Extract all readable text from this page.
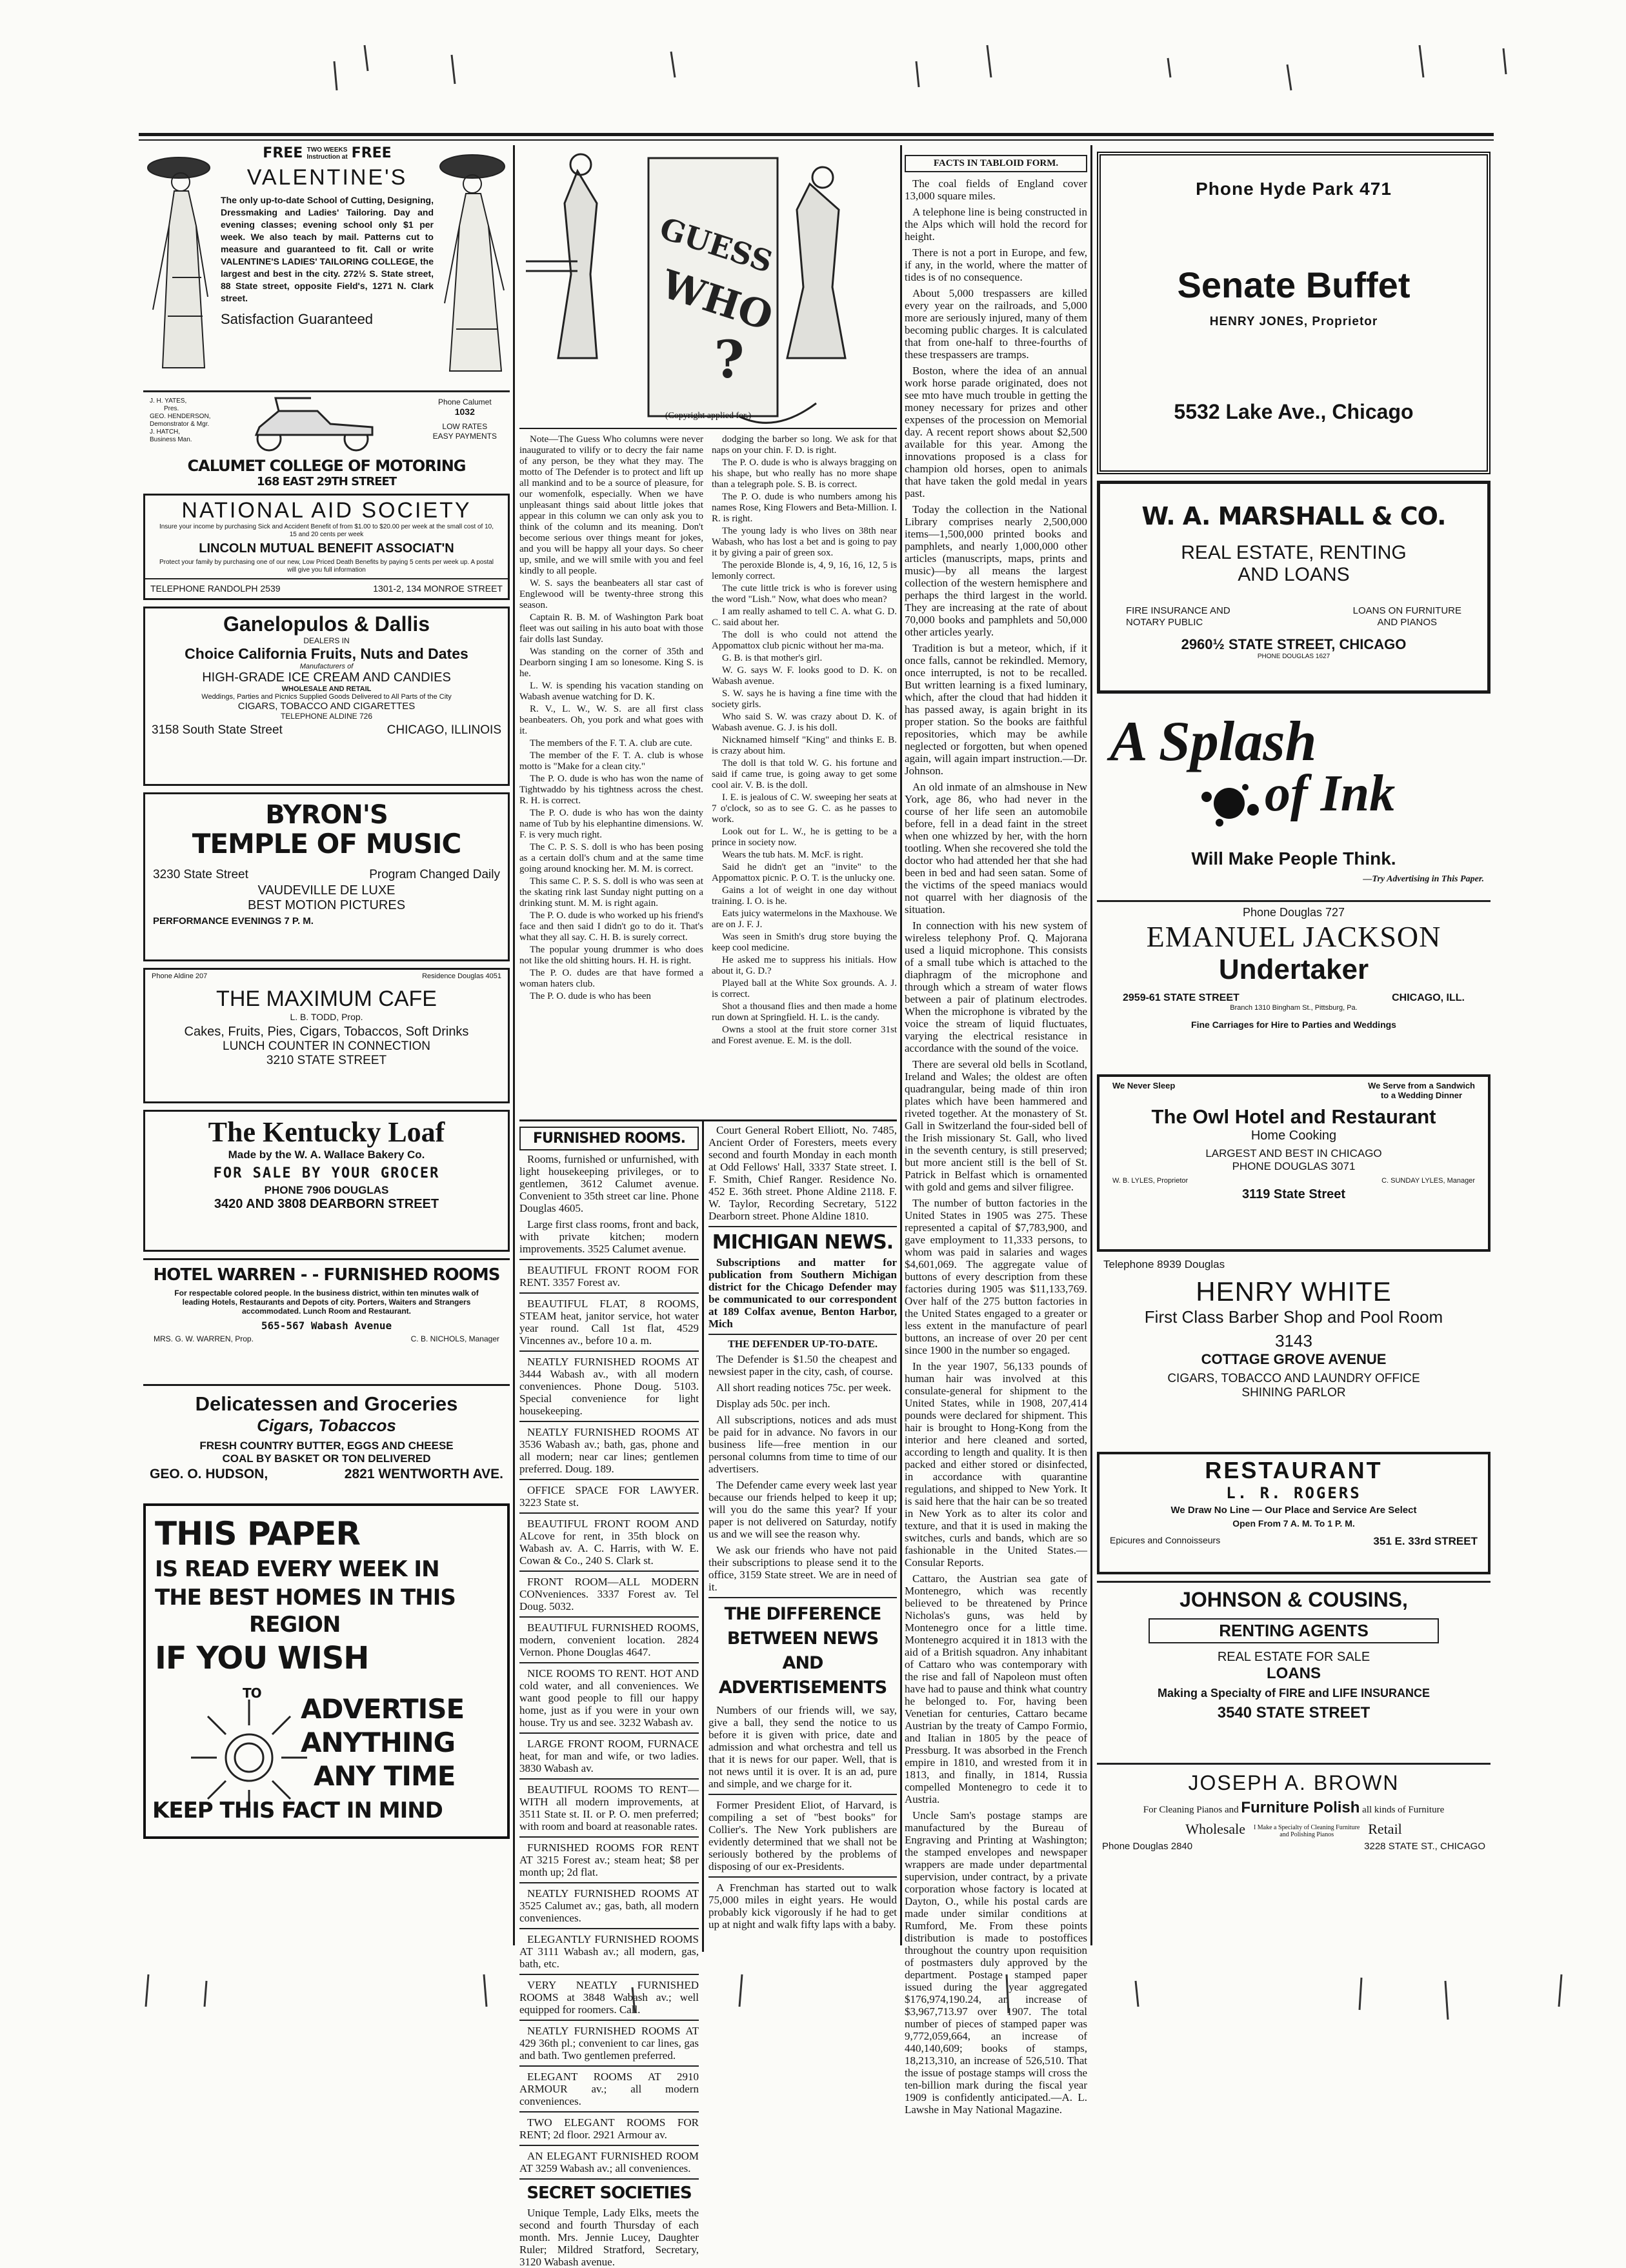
FREE TWO WEEKS
Instruction at FREE
VALENTINE'S
The only up-to-date School of Cutting, Designing, Dressmaking and Ladies' Tailoring. Day and evening classes; evening school only $1 per week. We also teach by mail. Patterns cut to measure and guaranteed to fit. Call or write VALENTINE'S LADIES' TAILORING COLLEGE, the largest and best in the city. 272½ S. State street, 88 State street, opposite Field's, 1271 N. Clark street.
Satisfaction Guaranteed
J. H. YATES,
Pres.
GEO. HENDERSON,
Demonstrator & Mgr.
J. HATCH,
Business Man.
Phone Calumet
1032
LOW RATES
EASY PAYMENTS
CALUMET COLLEGE OF MOTORING
168 EAST 29TH STREET
NATIONAL AID SOCIETY
Insure your income by purchasing Sick and Accident Benefit of from $1.00 to $20.00 per week at the small cost of 10, 15 and 20 cents per week
LINCOLN MUTUAL BENEFIT ASSOCIAT'N
Protect your family by purchasing one of our new, Low Priced Death Benefits by paying 5 cents per week up. A postal will give you full information
TELEPHONE RANDOLPH 2539	1301-2, 134 MONROE STREET
Ganelopulos & Dallis
DEALERS IN
Choice California Fruits, Nuts and Dates
Manufacturers of
HIGH-GRADE ICE CREAM AND CANDIES
WHOLESALE AND RETAIL
Weddings, Parties and Picnics Supplied Goods Delivered to All Parts of the City
CIGARS, TOBACCO AND CIGARETTES
TELEPHONE ALDINE 726
3158 South State Street	CHICAGO, ILLINOIS
BYRON'S
TEMPLE OF MUSIC
3230 State Street	Program Changed Daily
VAUDEVILLE DE LUXE
BEST MOTION PICTURES
PERFORMANCE EVENINGS 7 P. M.
Phone Aldine 207	Residence Douglas 4051
THE MAXIMUM CAFE
L. B. TODD, Prop.
Cakes, Fruits, Pies, Cigars, Tobaccos, Soft Drinks
LUNCH COUNTER IN CONNECTION
3210 STATE STREET
The Kentucky Loaf
Made by the W. A. Wallace Bakery Co.
FOR SALE BY YOUR GROCER
PHONE 7906 DOUGLAS
3420 AND 3808 DEARBORN STREET
HOTEL WARREN - - FURNISHED ROOMS
For respectable colored people. In the business district, within ten minutes walk of leading Hotels, Restaurants and Depots of city. Porters, Waiters and Strangers accommodated. Lunch Room and Restaurant.
565-567 Wabash Avenue
MRS. G. W. WARREN, Prop.	C. B. NICHOLS, Manager
Delicatessen and Groceries
Cigars, Tobaccos
FRESH COUNTRY BUTTER, EGGS AND CHEESE
COAL BY BASKET OR TON DELIVERED
GEO. O. HUDSON,	2821 WENTWORTH AVE.
THIS PAPER
IS READ EVERY WEEK IN
THE BEST HOMES IN THIS
REGION
IF YOU WISH
TO ADVERTISE
ANYTHING
ANY TIME
KEEP THIS FACT IN MIND
GUESS
WHO
?
(Copyright applied for.)

Note—The Guess Who columns were never inaugurated to vilify or to decry the fair name of any person, be they what they may. The motto of The Defender is to protect and lift up all mankind and to be a source of pleasure, for our womenfolk, especially. When we have unpleasant things said about little jokes that appear in this column we can only ask you to think of the column and its meaning. Don't become serious over things meant for jokes, and you will be happy all your days. So cheer up, smile, and we will smile with you and feel kindly to all people.

W. S. says the beanbeaters all star cast of Englewood will be twenty-three strong this season.

Captain R. B. M. of Washington Park boat fleet was out sailing in his auto boat with those fair dolls last Sunday.

Was standing on the corner of 35th and Dearborn singing I am so lonesome. King S. is he.

L. W. is spending his vacation standing on Wabash avenue watching for D. K.

R. V., L. W., W. S. are all first class beanbeaters. Oh, you pork and what goes with it.

The members of the F. T. A. club are cute.

The member of the F. T. A. club is whose motto is "Make for a clean city."

The P. O. dude is who has won the name of Tightwaddo by his tightness across the chest. R. H. is correct.

The P. O. dude is who has won the dainty name of Tub by his elephantine dimensions. W. F. is very much right.

The C. P. S. S. doll is who has been posing as a certain doll's chum and at the same time going around knocking her. M. M. is correct.

This same C. P. S. S. doll is who was seen at the skating rink last Sunday night putting on a drinking stunt. M. M. is right again.

The P. O. dude is who worked up his friend's face and then said I didn't go to do it. That's what they all say. C. H. B. is surely correct.

The popular young drummer is who does not like the old shitting hours. H. H. is right.

The P. O. dudes are that have formed a woman haters club.

The P. O. dude is who has been

dodging the barber so long. We ask for that naps on your chin. F. D. is right.

The P. O. dude is who is always bragging on his shape, but who really has no more shape than a telegraph pole. S. B. is correct.

The P. O. dude is who numbers among his names Rose, King Flowers and Beta-Million. I. R. is right.

The young lady is who lives on 38th near Wabash, who has lost a bet and is going to pay it by giving a pair of green sox.

The peroxide Blonde is, 4, 9, 16, 16, 12, 5 is lemonly correct.

The cute little trick is who is forever using the word "Lish." Now, what does who mean?

I am really ashamed to tell C. A. what G. D. C. said about her.

The doll is who could not attend the Appomattox club picnic without her ma-ma.

G. B. is that mother's girl.

W. G. says W. F. looks good to D. K. on Wabash avenue.

S. W. says he is having a fine time with the society girls.

Who said S. W. was crazy about D. K. of Wabash avenue. G. J. is his doll.

Nicknamed himself "King" and thinks E. B. is crazy about him.

The doll is that told W. G. his fortune and said if came true, is going away to get some cool air. V. B. is the doll.

I. E. is jealous of C. W. sweeping her seats at 7 o'clock, so as to see G. C. as he passes to work.

Look out for L. W., he is getting to be a prince in society now.

Wears the tub hats. M. McF. is right.

Said he didn't get an "invite" to the Appomattox picnic. P. O. T. is the unlucky one.

Gains a lot of weight in one day without training. I. O. is he.

Eats juicy watermelons in the Maxhouse. We are on J. F. J.

Was seen in Smith's drug store buying the keep cool medicine.

He asked me to suppress his initials. How about it, G. D.?

Played ball at the White Sox grounds. A. J. is correct.

Shot a thousand flies and then made a home run down at Springfield. H. L. is the candy.

Owns a stool at the fruit store corner 31st and Forest avenue. E. M. is the doll.

FURNISHED ROOMS.

Rooms, furnished or unfurnished, with light housekeeping privileges, or to gentlemen, 3612 Calumet avenue. Convenient to 35th street car line. Phone Douglas 4605.

Large first class rooms, front and back, with private kitchen; modern improvements. 3525 Calumet avenue.

BEAUTIFUL FRONT ROOM FOR RENT. 3357 Forest av.

BEAUTIFUL FLAT, 8 ROOMS, STEAM heat, janitor service, hot water year round. Call 1st flat, 4529 Vincennes av., before 10 a. m.

NEATLY FURNISHED ROOMS AT 3444 Wabash av., with all modern conveniences. Phone Doug. 5103. Special convenience for light housekeeping.

NEATLY FURNISHED ROOMS AT 3536 Wabash av.; bath, gas, phone and all modern; near car lines; gentlemen preferred. Doug. 189.

OFFICE SPACE FOR LAWYER. 3223 State st.

BEAUTIFUL FRONT ROOM AND ALcove for rent, in 35th block on Wabash av. A. C. Harris, with W. E. Cowan & Co., 240 S. Clark st.

FRONT ROOM—ALL MODERN CONveniences. 3337 Forest av. Tel Doug. 5032.

BEAUTIFUL FURNISHED ROOMS, modern, convenient location. 2824 Vernon. Phone Douglas 4647.

NICE ROOMS TO RENT. HOT AND cold water, and all conveniences. We want good people to fill our happy home, just as if you were in your own house. Try us and see. 3232 Wabash av.

LARGE FRONT ROOM, FURNACE heat, for man and wife, or two ladies. 3830 Wabash av.

BEAUTIFUL ROOMS TO RENT—WITH all modern improvements, at 3511 State st. II. or P. O. men preferred; with room and board at reasonable rates.

FURNISHED ROOMS FOR RENT AT 3215 Forest av.; steam heat; $8 per month up; 2d flat.

NEATLY FURNISHED ROOMS AT 3525 Calumet av.; gas, bath, all modern conveniences.

ELEGANTLY FURNISHED ROOMS AT 3111 Wabash av.; all modern, gas, bath, etc.

VERY NEATLY FURNISHED ROOMS at 3848 Wabash av.; well equipped for roomers. Call.

NEATLY FURNISHED ROOMS AT 429 36th pl.; convenient to car lines, gas and bath. Two gentlemen preferred.

ELEGANT ROOMS AT 2910 ARMOUR av.; all modern conveniences.

TWO ELEGANT ROOMS FOR RENT; 2d floor. 2921 Armour av.

AN ELEGANT FURNISHED ROOM AT 3259 Wabash av.; all conveniences.

SECRET SOCIETIES

Unique Temple, Lady Elks, meets the second and fourth Thursday of each month. Mrs. Jennie Lucey, Daughter Ruler; Mildred Stratford, Secretary, 3120 Wabash avenue.

Court General Robert Elliott, No. 7485, Ancient Order of Foresters, meets every second and fourth Monday in each month at Odd Fellows' Hall, 3337 State street. I. F. Smith, Chief Ranger. Residence No. 452 E. 36th street. Phone Aldine 2118. F. W. Taylor, Recording Secretary, 5122 Dearborn street. Phone Aldine 1810.

MICHIGAN NEWS.

Subscriptions and matter for publication from Southern Michigan district for the Chicago Defender may be communicated to our correspondent at 189 Colfax avenue, Benton Harbor, Mich

THE DEFENDER UP-TO-DATE.

The Defender is $1.50 the cheapest and newsiest paper in the city, cash, of course.

All short reading notices 75c. per week.

Display ads 50c. per inch.

All subscriptions, notices and ads must be paid for in advance. No favors in our business life—free mention in our personal columns from time to time of our advertisers.

The Defender came every week last year because our friends helped to keep it up; will you do the same this year? If your paper is not delivered on Saturday, notify us and we will see the reason why.

We ask our friends who have not paid their subscriptions to please send it to the office, 3159 State street. We are in need of it.

THE DIFFERENCE
BETWEEN NEWS AND
ADVERTISEMENTS

Numbers of our friends will, we say, give a ball, they send the notice to us before it is given with price, date and admission and what orchestra and tell us that it is news for our paper. Well, that is not news until it is over. It is an ad, pure and simple, and we charge for it.

Former President Eliot, of Harvard, is compiling a set of "best books" for Collier's. The New York publishers are evidently determined that we shall not be seriously bothered by the problems of disposing of our ex-Presidents.

A Frenchman has started out to walk 75,000 miles in eight years. He would probably kick vigorously if he had to get up at night and walk fifty laps with a baby.

FACTS IN TABLOID FORM.

The coal fields of England cover 13,000 square miles.

A telephone line is being constructed in the Alps which will hold the record for height.

There is not a port in Europe, and few, if any, in the world, where the matter of tides is of no consequence.

About 5,000 trespassers are killed every year on the railroads, and 5,000 more are seriously injured, many of them becoming public charges. It is calculated that from one-half to three-fourths of these trespassers are tramps.

Boston, where the idea of an annual work horse parade originated, does not see mto have much trouble in getting the money necessary for prizes and other expenses of the procession on Memorial day. A recent report shows about $2,500 available for this year. Among the innovations proposed is a class for champion old horses, open to animals that have taken the gold medal in years past.

Today the collection in the National Library comprises nearly 2,500,000 items—1,500,000 printed books and pamphlets, and nearly 1,000,000 other articles (manuscripts, maps, prints and music)—by all means the largest collection of the western hemisphere and perhaps the third largest in the world. They are increasing at the rate of about 70,000 books and pamphlets and 50,000 other articles yearly.

Tradition is but a meteor, which, if it once falls, cannot be rekindled. Memory, once interrupted, is not to be recalled. But written learning is a fixed luminary, which, after the cloud that had hidden it has passed away, is again bright in its proper station. So the books are faithful repositories, which may be awhile neglected or forgotten, but when opened again, will again impart instruction.—Dr. Johnson.

An old inmate of an almshouse in New York, age 86, who had never in the course of her life seen an automobile before, fell in a dead faint in the street when one whizzed by her, with the horn tootling. When she recovered she told the doctor who had attended her that she had been in bed and had seen satan. Some of the victims of the speed maniacs would not quarrel with her diagnosis of the situation.

In connection with his new system of wireless telephony Prof. Q. Majorana used a liquid microphone. This consists of a small tube which is attached to the diaphragm of the microphone and through which a stream of water flows between a pair of platinum electrodes. When the microphone is vibrated by the voice the stream of liquid fluctuates, varying the electrical resistance in accordance with the sound of the voice.

There are several old bells in Scotland, Ireland and Wales; the oldest are often quadrangular, being made of thin iron plates which have been hammered and riveted together. At the monastery of St. Gall in Switzerland the four-sided bell of the Irish missionary St. Gall, who lived in the seventh century, is still preserved; but more ancient still is the bell of St. Patrick in Belfast which is ornamented with gold and gems and silver filigree.

The number of button factories in the United States in 1905 was 275. These represented a capital of $7,783,900, and gave employment to 11,333 persons, to whom was paid in salaries and wages $4,601,069. The aggregate value of buttons of every description from these factories during 1905 was $11,133,769. Over half of the 275 button factories in the United States engaged to a greater or less extent in the manufacture of pearl buttons, an increase of over 20 per cent since 1900 in the number so engaged.

In the year 1907, 56,133 pounds of human hair was involved at this consulate-general for shipment to the United States, while in 1908, 207,414 pounds were declared for shipment. This hair is brought to Hong-Kong from the interior and here cleaned and sorted, according to length and quality. It is then packed and either stored or disinfected, in accordance with quarantine regulations, and shipped to New York. It is said here that the hair can be so treated in New York as to alter its color and texture, and that it is used in making the switches, curls and bands, which are so fashionable in the United States.—Consular Reports.

Cattaro, the Austrian sea gate of Montenegro, which was recently believed to be threatened by Prince Nicholas's guns, was held by Montenegro once for a little time. Montenegro acquired it in 1813 with the aid of a British squadron. Any inhabitant of Cattaro who was contemporary with the rise and fall of Napoleon must often have had to pause and think what country he belonged to. For, having been Venetian for centuries, Cattaro became Austrian by the treaty of Campo Formio, and Italian in 1805 by the peace of Pressburg. It was absorbed in the French empire in 1810, and wrested from it in 1813, and finally, in 1814, Russia compelled Montenegro to cede it to Austria.

Uncle Sam's postage stamps are manufactured by the Bureau of Engraving and Printing at Washington; the stamped envelopes and newspaper wrappers are made under departmental supervision, under contract, by a private corporation whose factory is located at Dayton, O., while his postal cards are made under similar conditions at Rumford, Me. From these points distribution is made to postoffices throughout the country upon requisition of postmasters duly approved by the department. Postage stamped paper issued during the year aggregated $176,974,190.24, an increase of $3,967,713.97 over 1907. The total number of pieces of stamped paper was 9,772,059,664, an increase of 440,140,609; books of stamps, 18,213,310, an increase of 526,510. That the issue of postage stamps will cross the ten-billion mark during the fiscal year 1909 is confidently anticipated.—A. L. Lawshe in May National Magazine.

Phone Hyde Park 471
Senate Buffet
HENRY JONES, Proprietor
5532 Lake Ave., Chicago
W. A. MARSHALL & CO.
REAL ESTATE, RENTING
AND LOANS
FIRE INSURANCE AND
NOTARY PUBLIC
LOANS ON FURNITURE
AND PIANOS
2960½ STATE STREET, CHICAGO
PHONE DOUGLAS 1627
A Splash
of Ink
Will Make People Think.
—Try Advertising in This Paper.
Phone Douglas 727
EMANUEL JACKSON
Undertaker
2959-61 STATE STREET	CHICAGO, ILL.
Branch 1310 Bingham St., Pittsburg, Pa.
Fine Carriages for Hire to Parties and Weddings
We Never Sleep	We Serve from a Sandwich
to a Wedding Dinner
The Owl Hotel and Restaurant
Home Cooking
LARGEST AND BEST IN CHICAGO
PHONE DOUGLAS 3071
W. B. LYLES, Proprietor	C. SUNDAY LYLES, Manager
3119 State Street
Telephone 8939 Douglas
HENRY WHITE
First Class Barber Shop and Pool Room
3143
COTTAGE GROVE AVENUE
CIGARS, TOBACCO AND LAUNDRY OFFICE
SHINING PARLOR
RESTAURANT
L. R. ROGERS
We Draw No Line — Our Place and Service Are Select
Open From 7 A. M. To 1 P. M.
Epicures and Connoisseurs	351 E. 33rd STREET
JOHNSON & COUSINS,
RENTING AGENTS
REAL ESTATE FOR SALE
LOANS
Making a Specialty of FIRE and LIFE INSURANCE
3540 STATE STREET
JOSEPH A. BROWN
For Cleaning Pianos and Furniture Polish all kinds of Furniture
Wholesale I Make a Specialty of Cleaning Furniture and Polishing Pianos Retail
Phone Douglas 2840	3228 STATE ST., CHICAGO
